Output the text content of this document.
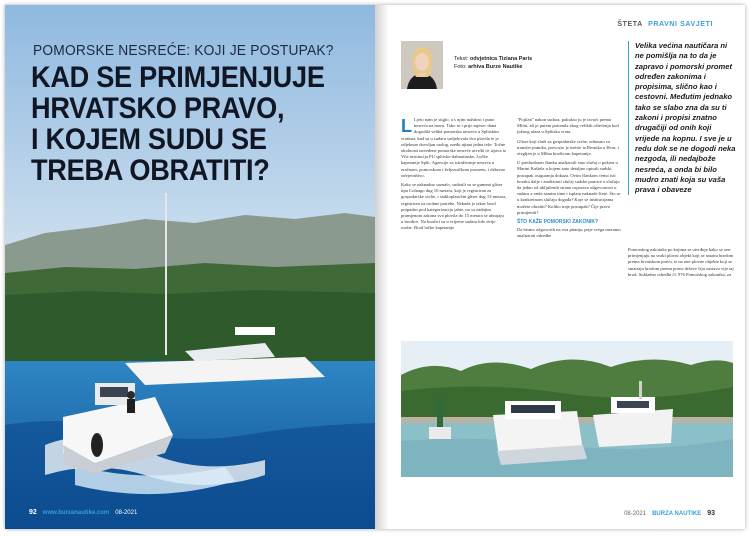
POMORSKE NESREĆE: KOJI JE POSTUPAK?
KAD SE PRIMJENJUJE
HRVATSKO PRAVO,
I KOJEM SUDU SE
TREBA OBRATITI?
92 www.burzanautike.com 08-2021
ŠTETA PRAVNI SAVJETI
Tekst: odvjetnica Tiziana Paris
Foto: arhiva Burze Nautike

L Ljeto nam je stiglo, a s njim nažalost i puno nesreća na moru. Tako se i prije mjesec dana dogodila velika pomorska nesreća u Splitskim vratima, kad su u sudaru sudjelovala dva plovila te je odjeknuo dovoljan razlog, među njima jedna teže. Točne okolnosti navedene pomorske nesreće utvrđit će izjava iz Vile institucija PU splitsko-dalmatinske, Lučke kapetanije Split, Agencije za istraživanje nesreća u zračnom, pomorskom i željezničkom prometu, i državno odvjetništvo.

Kako se naknadno saznalo, sudarili su se gumeni gliser tipa Colnago dug 10 metara, koji je registriran za gospodarske svrhe, i stakloplastični gliser dug 13 metara, registriran za osobne potrebe. Nekada je takav brod potpadao pod kategorizaciju jahte, no sa zadnjim promjenom zakona sva plovila do 15 metara se ubrajaju u brodice. Na brodici su u vrijeme sudara bile dvije osobe. Brod lučke kapetanije

"Pojilan" nakon sudara, pokušao ju je izvući prema Milni, ali je putem potonula zbog velikih oštećenja kod južnog ulaza u Splitska vrata.

Gliser koji služi za gospodarske svrhe, odnosno za transfer putnika, prevozio je turiste iz Resnika u Hvar, i otegljen je u Milna brodicom kapetanije.

U prethodnom članku analizirali smo slučaj o požaru u Marini Kaštela u kojem smo detaljno opisali sudski postupak osiguranja dokaza. Ovim člankom ćemo isti koraku dalje i analizirati slučaj sudske parnice u slučaju da jedno od uključenih strana osporava odgovornost u sudaru a onda samim time i isplatu naknade štete. Što se u konkretnom slučaju događa? Koje se institucijama možete obratiti? Koliko traje postupak? Čije pravo primijeniti?

ŠTO KAŽE POMORSKI ZAKONIK?

Da bismo odgovorili na ova pitanja, prije svega moramo analizirati odredbe

Velika većina nautičara ni ne pomišlja na to da je zapravo i pomorski promet određen zakonima i propisima, slično kao i cestovni. Međutim jednako tako se slabo zna da su ti zakoni i propisi znatno drugačiji od onih koji vrijede na kopnu. I sve je u redu dok se ne dogodi neka nezgoda, ili nedajbože nesreća, a onda bi bilo mudro znati koja su vaša prava i obaveze

Pomorskog zakonika po kojima se utvrđuje kako se one primjenjuju na svaki plovni objekt koji se smatra brodom prema hrvatskom pravu, te na one plovne objekte koji se smatraju brodom prema pravu države čiju zastavu vije taj brod. Sukladno odredbi čl. 976 Pomorskog zakonika, za

08-2021 BURZA NAUTIKE 93
